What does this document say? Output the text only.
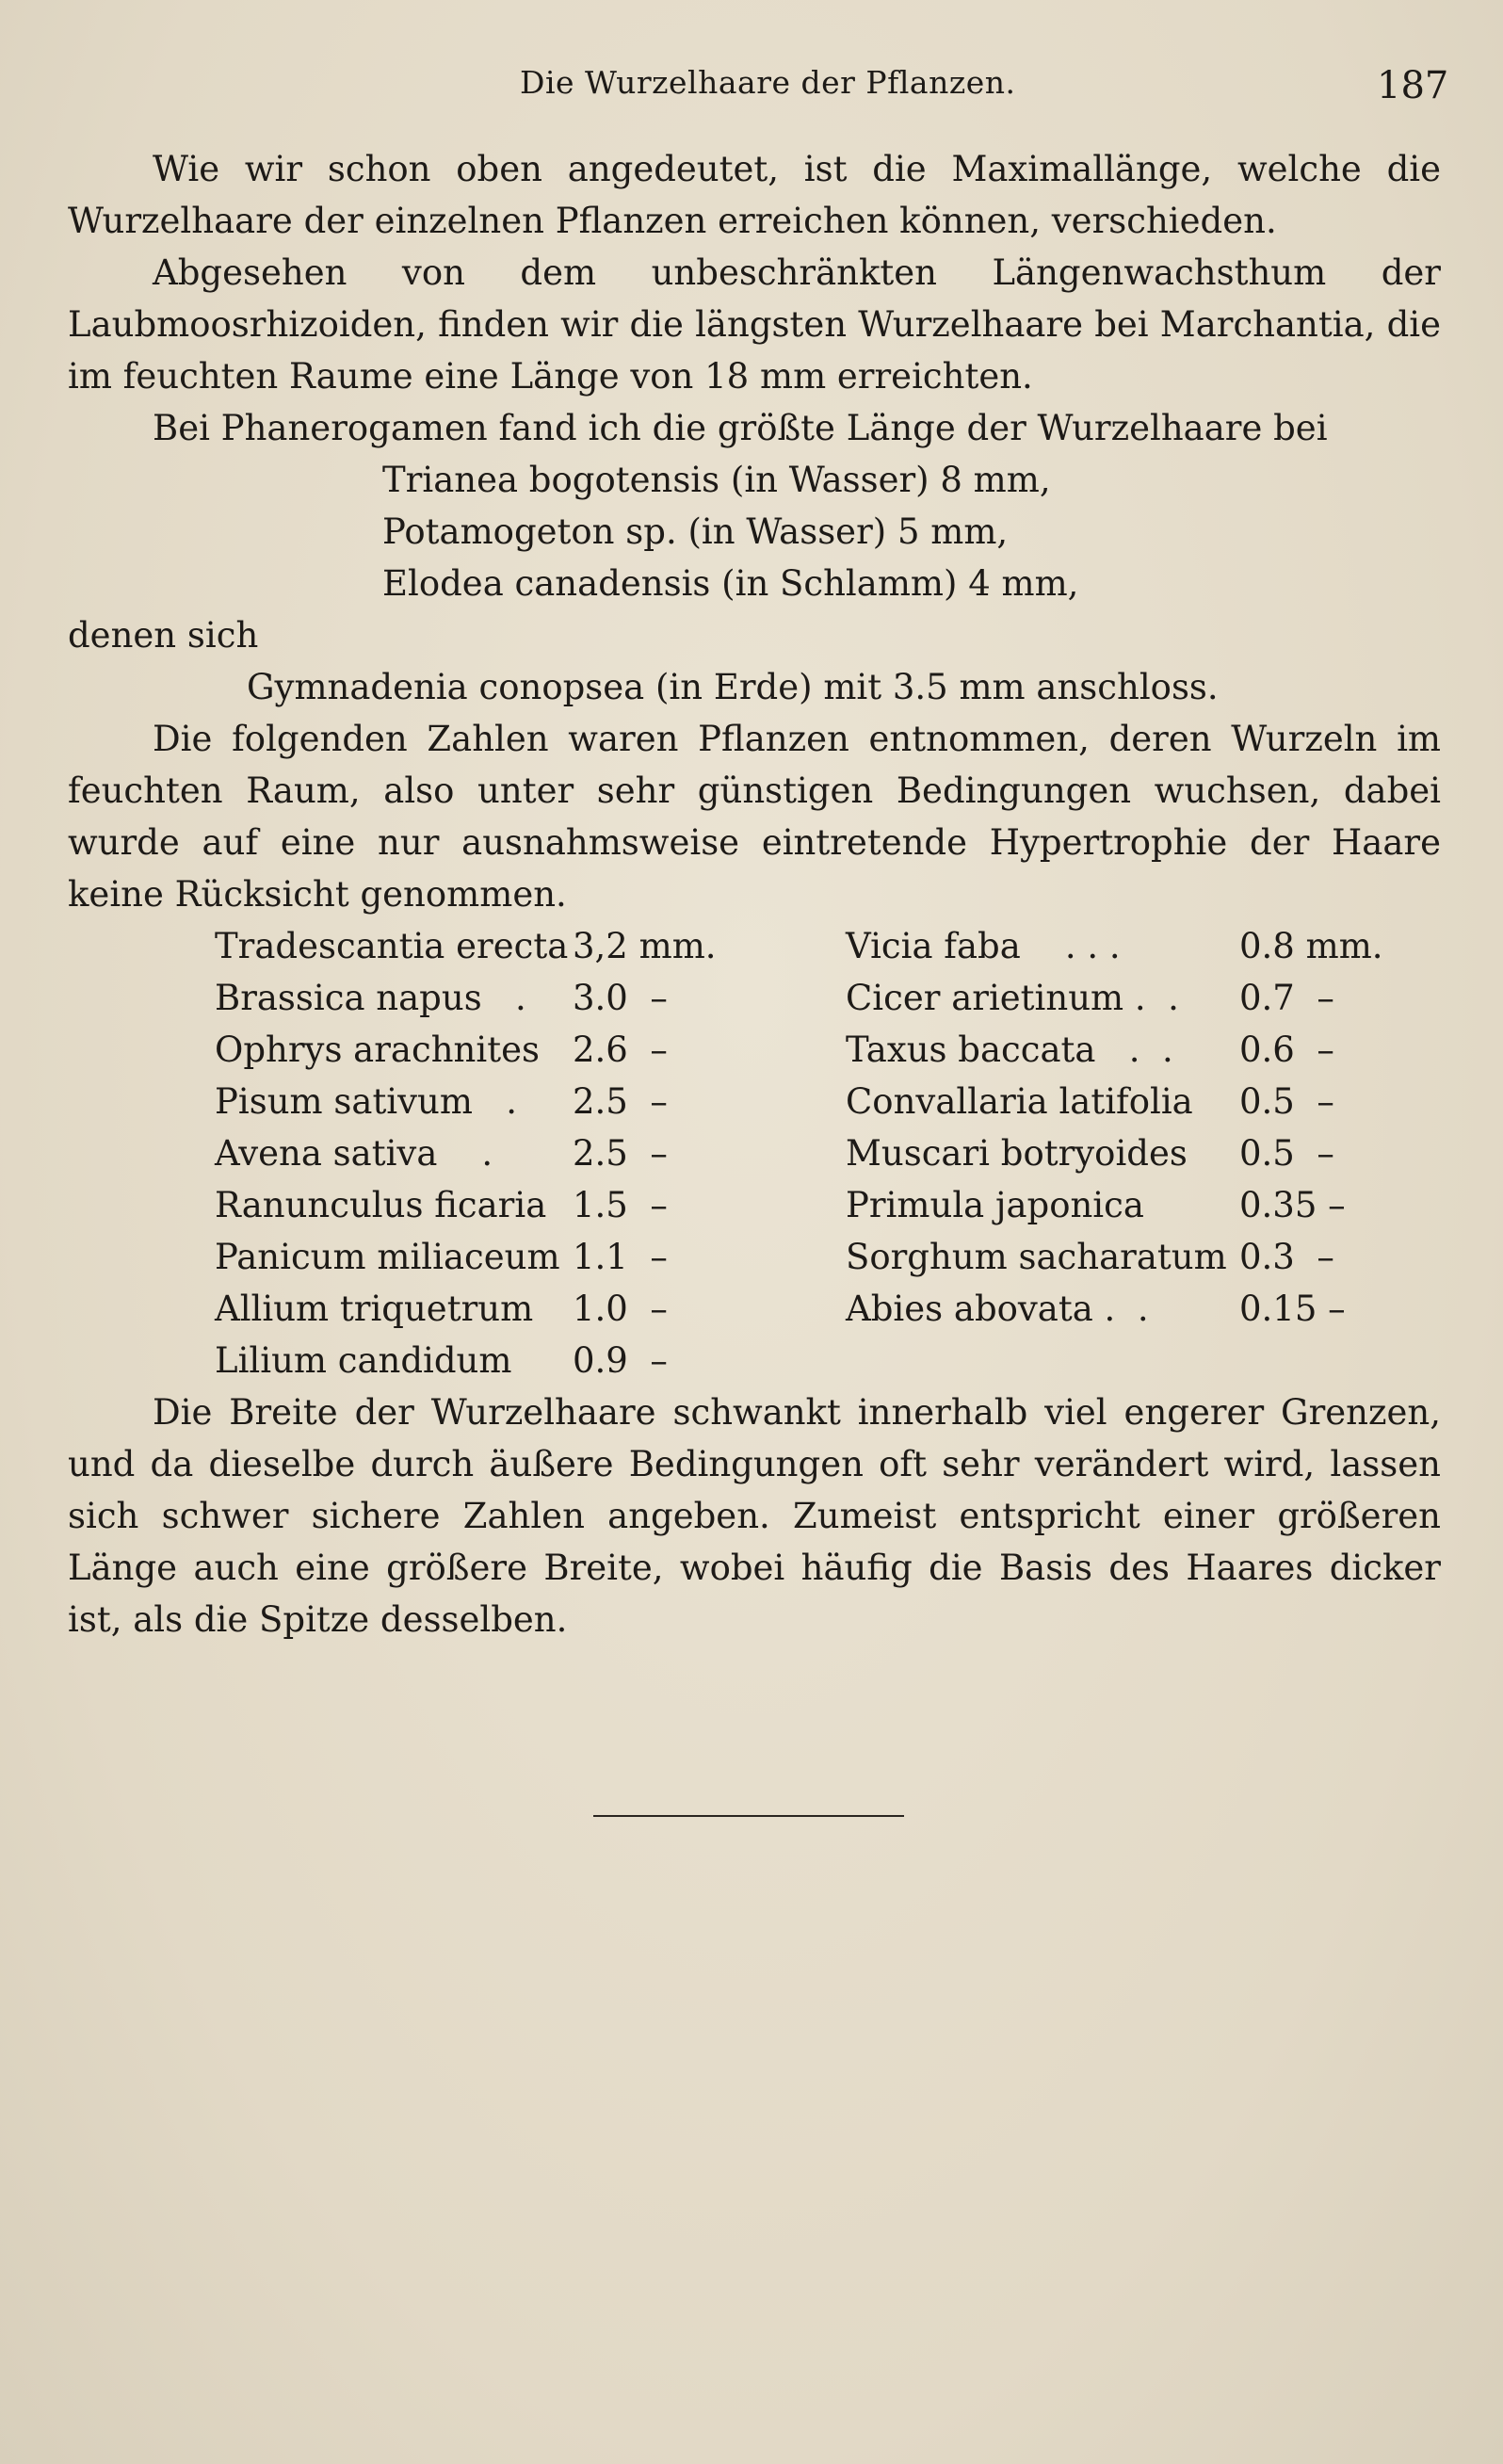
Die Wurzelhaare der Pflanzen.	187

Wie wir schon oben angedeutet, ist die Maximallänge, welche die Wurzelhaare der einzelnen Pflanzen erreichen können, verschieden.

Abgesehen von dem unbeschränkten Längenwachsthum der Laubmoosrhizoiden, finden wir die längsten Wurzelhaare bei Marchantia, die im feuchten Raume eine Länge von 18 mm erreichten.

Bei Phanerogamen fand ich die größte Länge der Wurzelhaare bei

Trianea bogotensis (in Wasser) 8 mm,

Potamogeton sp. (in Wasser) 5 mm,

Elodea canadensis (in Schlamm) 4 mm,

denen sich

Gymnadenia conopsea (in Erde) mit 3.5 mm anschloss.

Die folgenden Zahlen waren Pflanzen entnommen, deren Wurzeln im feuchten Raum, also unter sehr günstigen Bedingungen wuchsen, dabei wurde auf eine nur ausnahmsweise eintretende Hypertrophie der Haare keine Rücksicht genommen.

Tradescantia erecta	3,2 mm.	Vicia faba    . . .	0.8 mm.
Brassica napus   .	3.0  –	Cicer arietinum .  .	0.7  –
Ophrys arachnites	2.6  –	Taxus baccata   .  .	0.6  –
Pisum sativum   .	2.5  –	Convallaria latifolia	0.5  –
Avena sativa    .	2.5  –	Muscari botryoides	0.5  –
Ranunculus ficaria	1.5  –	Primula japonica	0.35 –
Panicum miliaceum	1.1  –	Sorghum sacharatum	0.3  –
Allium triquetrum	1.0  –	Abies abovata .  .	0.15 –
Lilium candidum	0.9  –		

Die Breite der Wurzelhaare schwankt innerhalb viel engerer Grenzen, und da dieselbe durch äußere Bedingungen oft sehr verändert wird, lassen sich schwer sichere Zahlen angeben. Zumeist entspricht einer größeren Länge auch eine größere Breite, wobei häufig die Basis des Haares dicker ist, als die Spitze desselben.
